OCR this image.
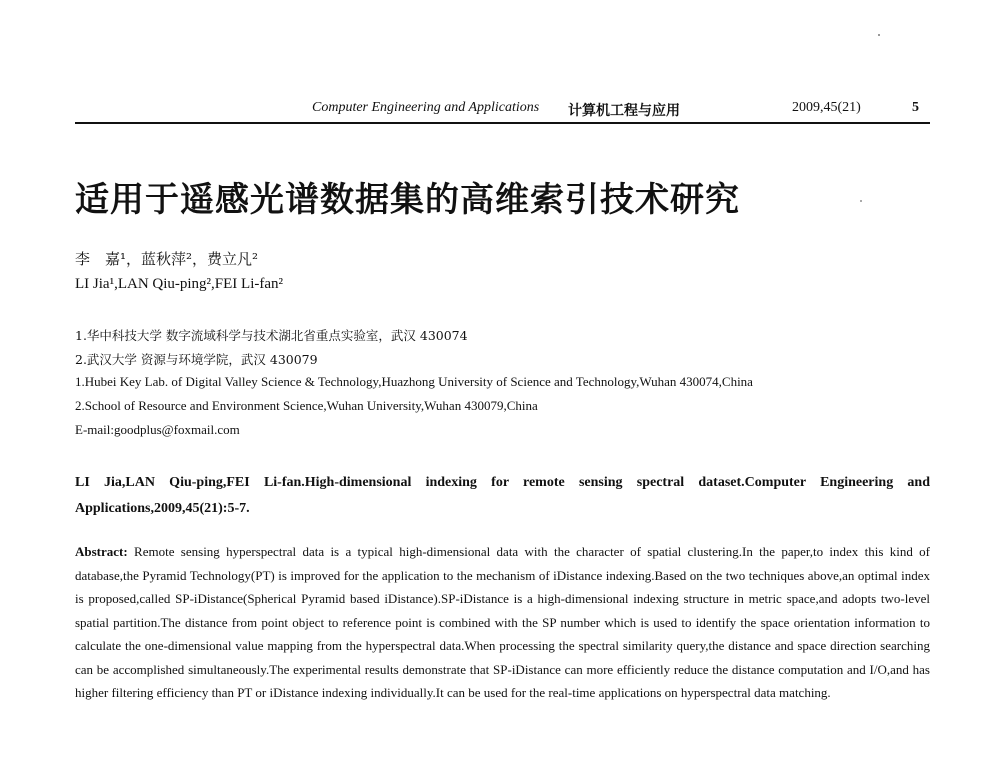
Computer Engineering and Applications 计算机工程与应用	2009,45(21)	5
适用于遥感光谱数据集的高维索引技术研究
李　嘉¹，蓝秋萍²，费立凡²
LI Jia¹,LAN Qiu-ping²,FEI Li-fan²
1.华中科技大学 数字流域科学与技术湖北省重点实验室，武汉 430074
2.武汉大学 资源与环境学院，武汉 430079
1.Hubei Key Lab. of Digital Valley Science & Technology,Huazhong University of Science and Technology,Wuhan 430074,China
2.School of Resource and Environment Science,Wuhan University,Wuhan 430079,China
E-mail:goodplus@foxmail.com
LI Jia,LAN Qiu-ping,FEI Li-fan.High-dimensional indexing for remote sensing spectral dataset.Computer Engineering and Applications,2009,45(21):5-7.
Abstract: Remote sensing hyperspectral data is a typical high-dimensional data with the character of spatial clustering.In the paper,to index this kind of database,the Pyramid Technology(PT) is improved for the application to the mechanism of iDistance indexing.Based on the two techniques above,an optimal index is proposed,called SP-iDistance(Spherical Pyramid based iDistance).SP-iDistance is a high-dimensional indexing structure in metric space,and adopts two-level spatial partition.The distance from point object to reference point is combined with the SP number which is used to identify the space orientation information to calculate the one-dimensional value mapping from the hyperspectral data.When processing the spectral similarity query,the distance and space direction searching can be accomplished simultaneously.The experimental results demonstrate that SP-iDistance can more efficiently reduce the distance computation and I/O,and has higher filtering efficiency than PT or iDistance indexing individually.It can be used for the real-time applications on hyperspectral data matching.
